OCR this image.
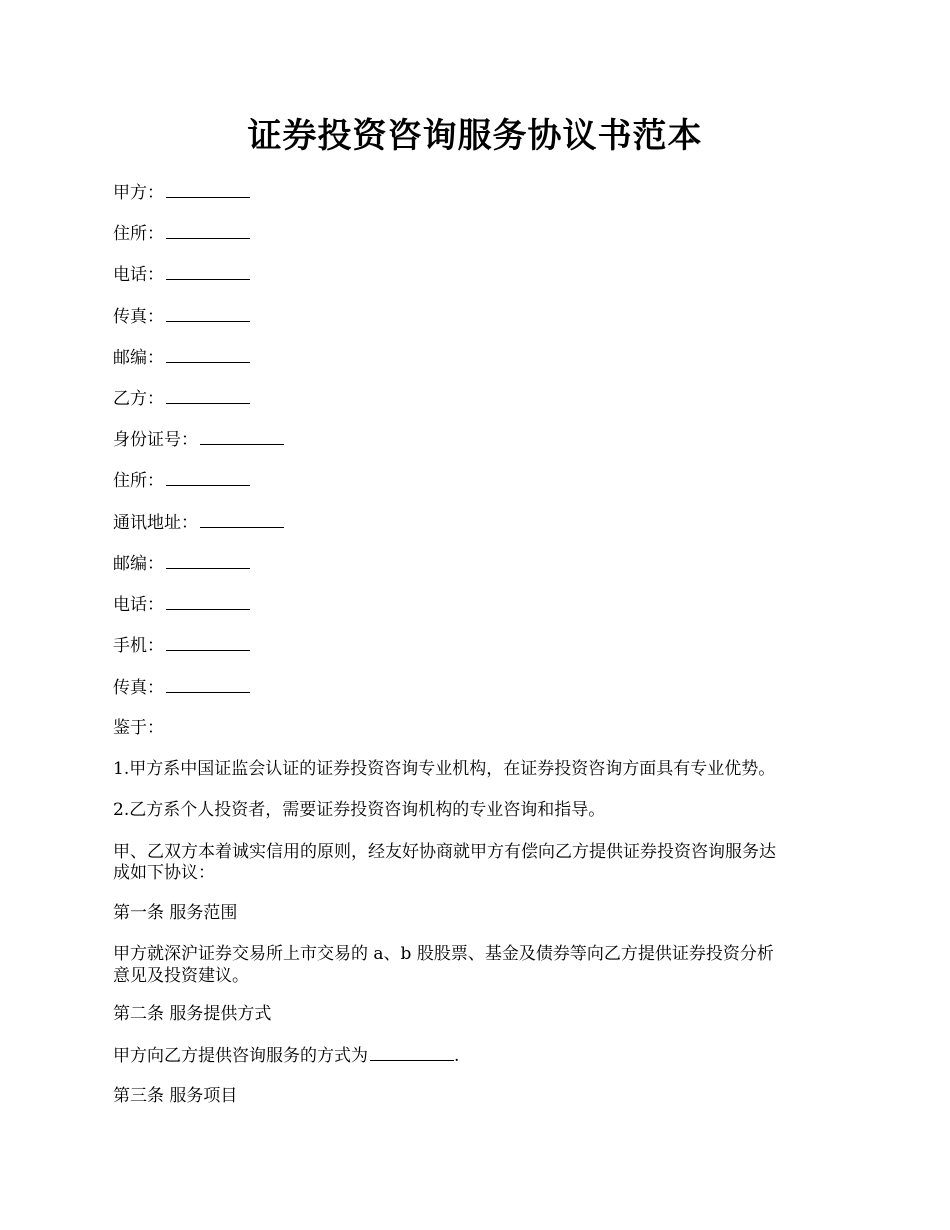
证券投资咨询服务协议书范本
甲方：
住所：
电话：
传真：
邮编：
乙方：
身份证号：
住所：
通讯地址：
邮编：
电话：
手机：
传真：
鉴于：
1.甲方系中国证监会认证的证券投资咨询专业机构，在证券投资咨询方面具有专业优势。
2.乙方系个人投资者，需要证券投资咨询机构的专业咨询和指导。
甲、乙双方本着诚实信用的原则，经友好协商就甲方有偿向乙方提供证券投资咨询服务达
成如下协议：
第一条 服务范围
甲方就深沪证券交易所上市交易的 a、b 股股票、基金及债券等向乙方提供证券投资分析
意见及投资建议。
第二条 服务提供方式
甲方向乙方提供咨询服务的方式为	.
第三条 服务项目
